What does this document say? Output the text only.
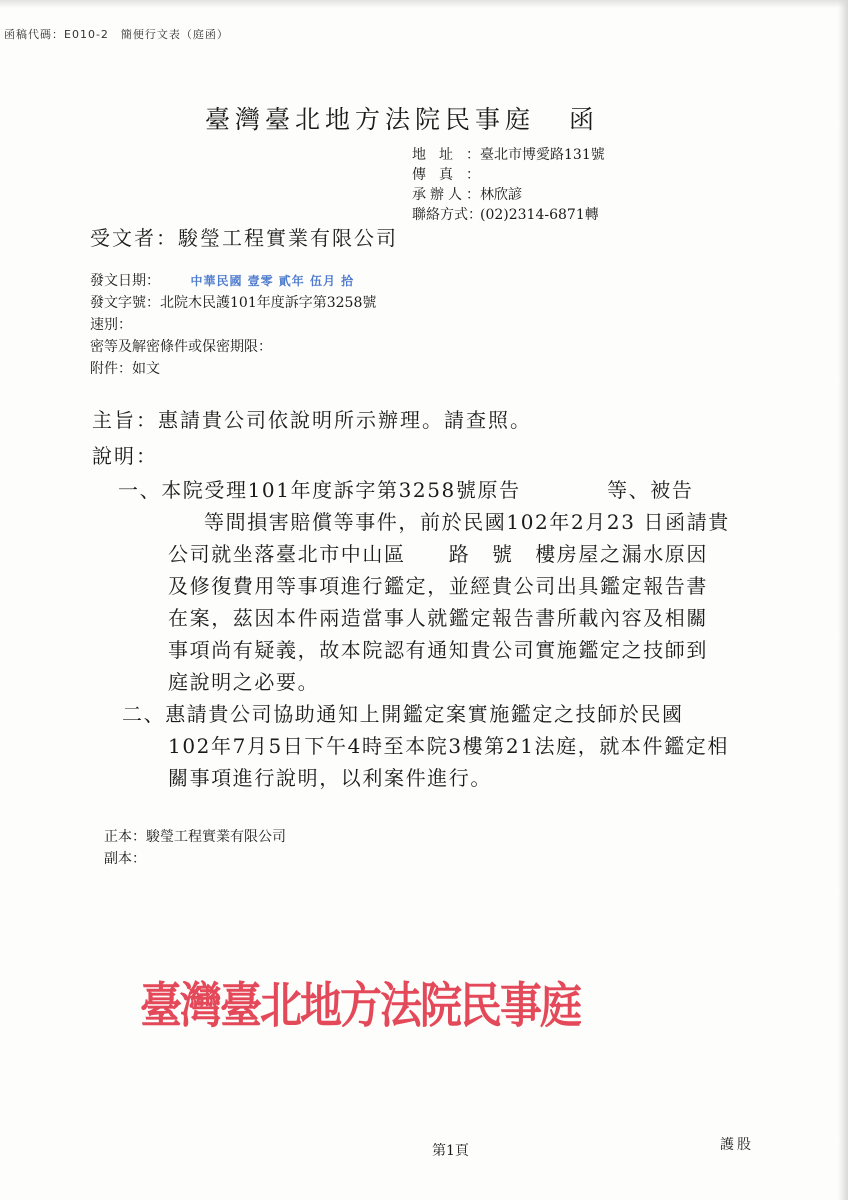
函稿代碼：E010-2　簡便行文表（庭函）
臺灣臺北地方法院民事庭 函
地址：臺北市博愛路131號
傳真：
承辦人：林欣諺
聯絡方式：(02)2314-6871轉
受文者：駿瑩工程實業有限公司
發文日期：	中華民國 壹零 貳年 伍月 拾
發文字號：北院木民護101年度訴字第3258號
速別：
密等及解密條件或保密期限：
附件：如文
主旨：惠請貴公司依說明所示辦理。請查照。
說明：
一、本院受理101年度訴字第3258號原告　　　　等、被告
等間損害賠償等事件，前於民國102年2月23 日函請貴
公司就坐落臺北市中山區　　路　號　樓房屋之漏水原因
及修復費用等事項進行鑑定，並經貴公司出具鑑定報告書
在案，茲因本件兩造當事人就鑑定報告書所載內容及相關
事項尚有疑義，故本院認有通知貴公司實施鑑定之技師到
庭說明之必要。
二、惠請貴公司協助通知上開鑑定案實施鑑定之技師於民國
102年7月5日下午4時至本院3樓第21法庭，就本件鑑定相
關事項進行說明，以利案件進行。
正本：駿瑩工程實業有限公司
副本：
臺灣臺北地方法院民事庭
第1頁	護股
